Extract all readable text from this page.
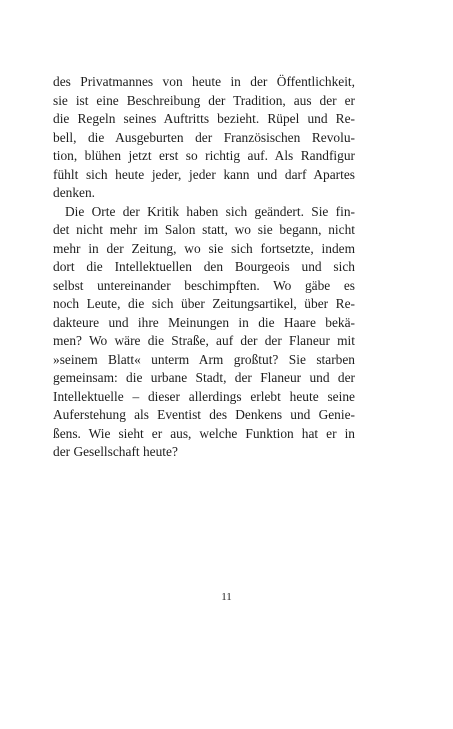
des Privatmannes von heute in der Öffentlichkeit,
sie ist eine Beschreibung der Tradition, aus der er
die Regeln seines Auftritts bezieht. Rüpel und Re-
bell, die Ausgeburten der Französischen Revolu-
tion, blühen jetzt erst so richtig auf. Als Randfigur
fühlt sich heute jeder, jeder kann und darf Apartes
denken.
Die Orte der Kritik haben sich geändert. Sie fin-
det nicht mehr im Salon statt, wo sie begann, nicht
mehr in der Zeitung, wo sie sich fortsetzte, indem
dort die Intellektuellen den Bourgeois und sich
selbst untereinander beschimpften. Wo gäbe es
noch Leute, die sich über Zeitungsartikel, über Re-
dakteure und ihre Meinungen in die Haare bekä-
men? Wo wäre die Straße, auf der der Flaneur mit
»seinem Blatt« unterm Arm großtut? Sie starben
gemeinsam: die urbane Stadt, der Flaneur und der
Intellektuelle – dieser allerdings erlebt heute seine
Auferstehung als Eventist des Denkens und Genie-
ßens. Wie sieht er aus, welche Funktion hat er in
der Gesellschaft heute?
11
